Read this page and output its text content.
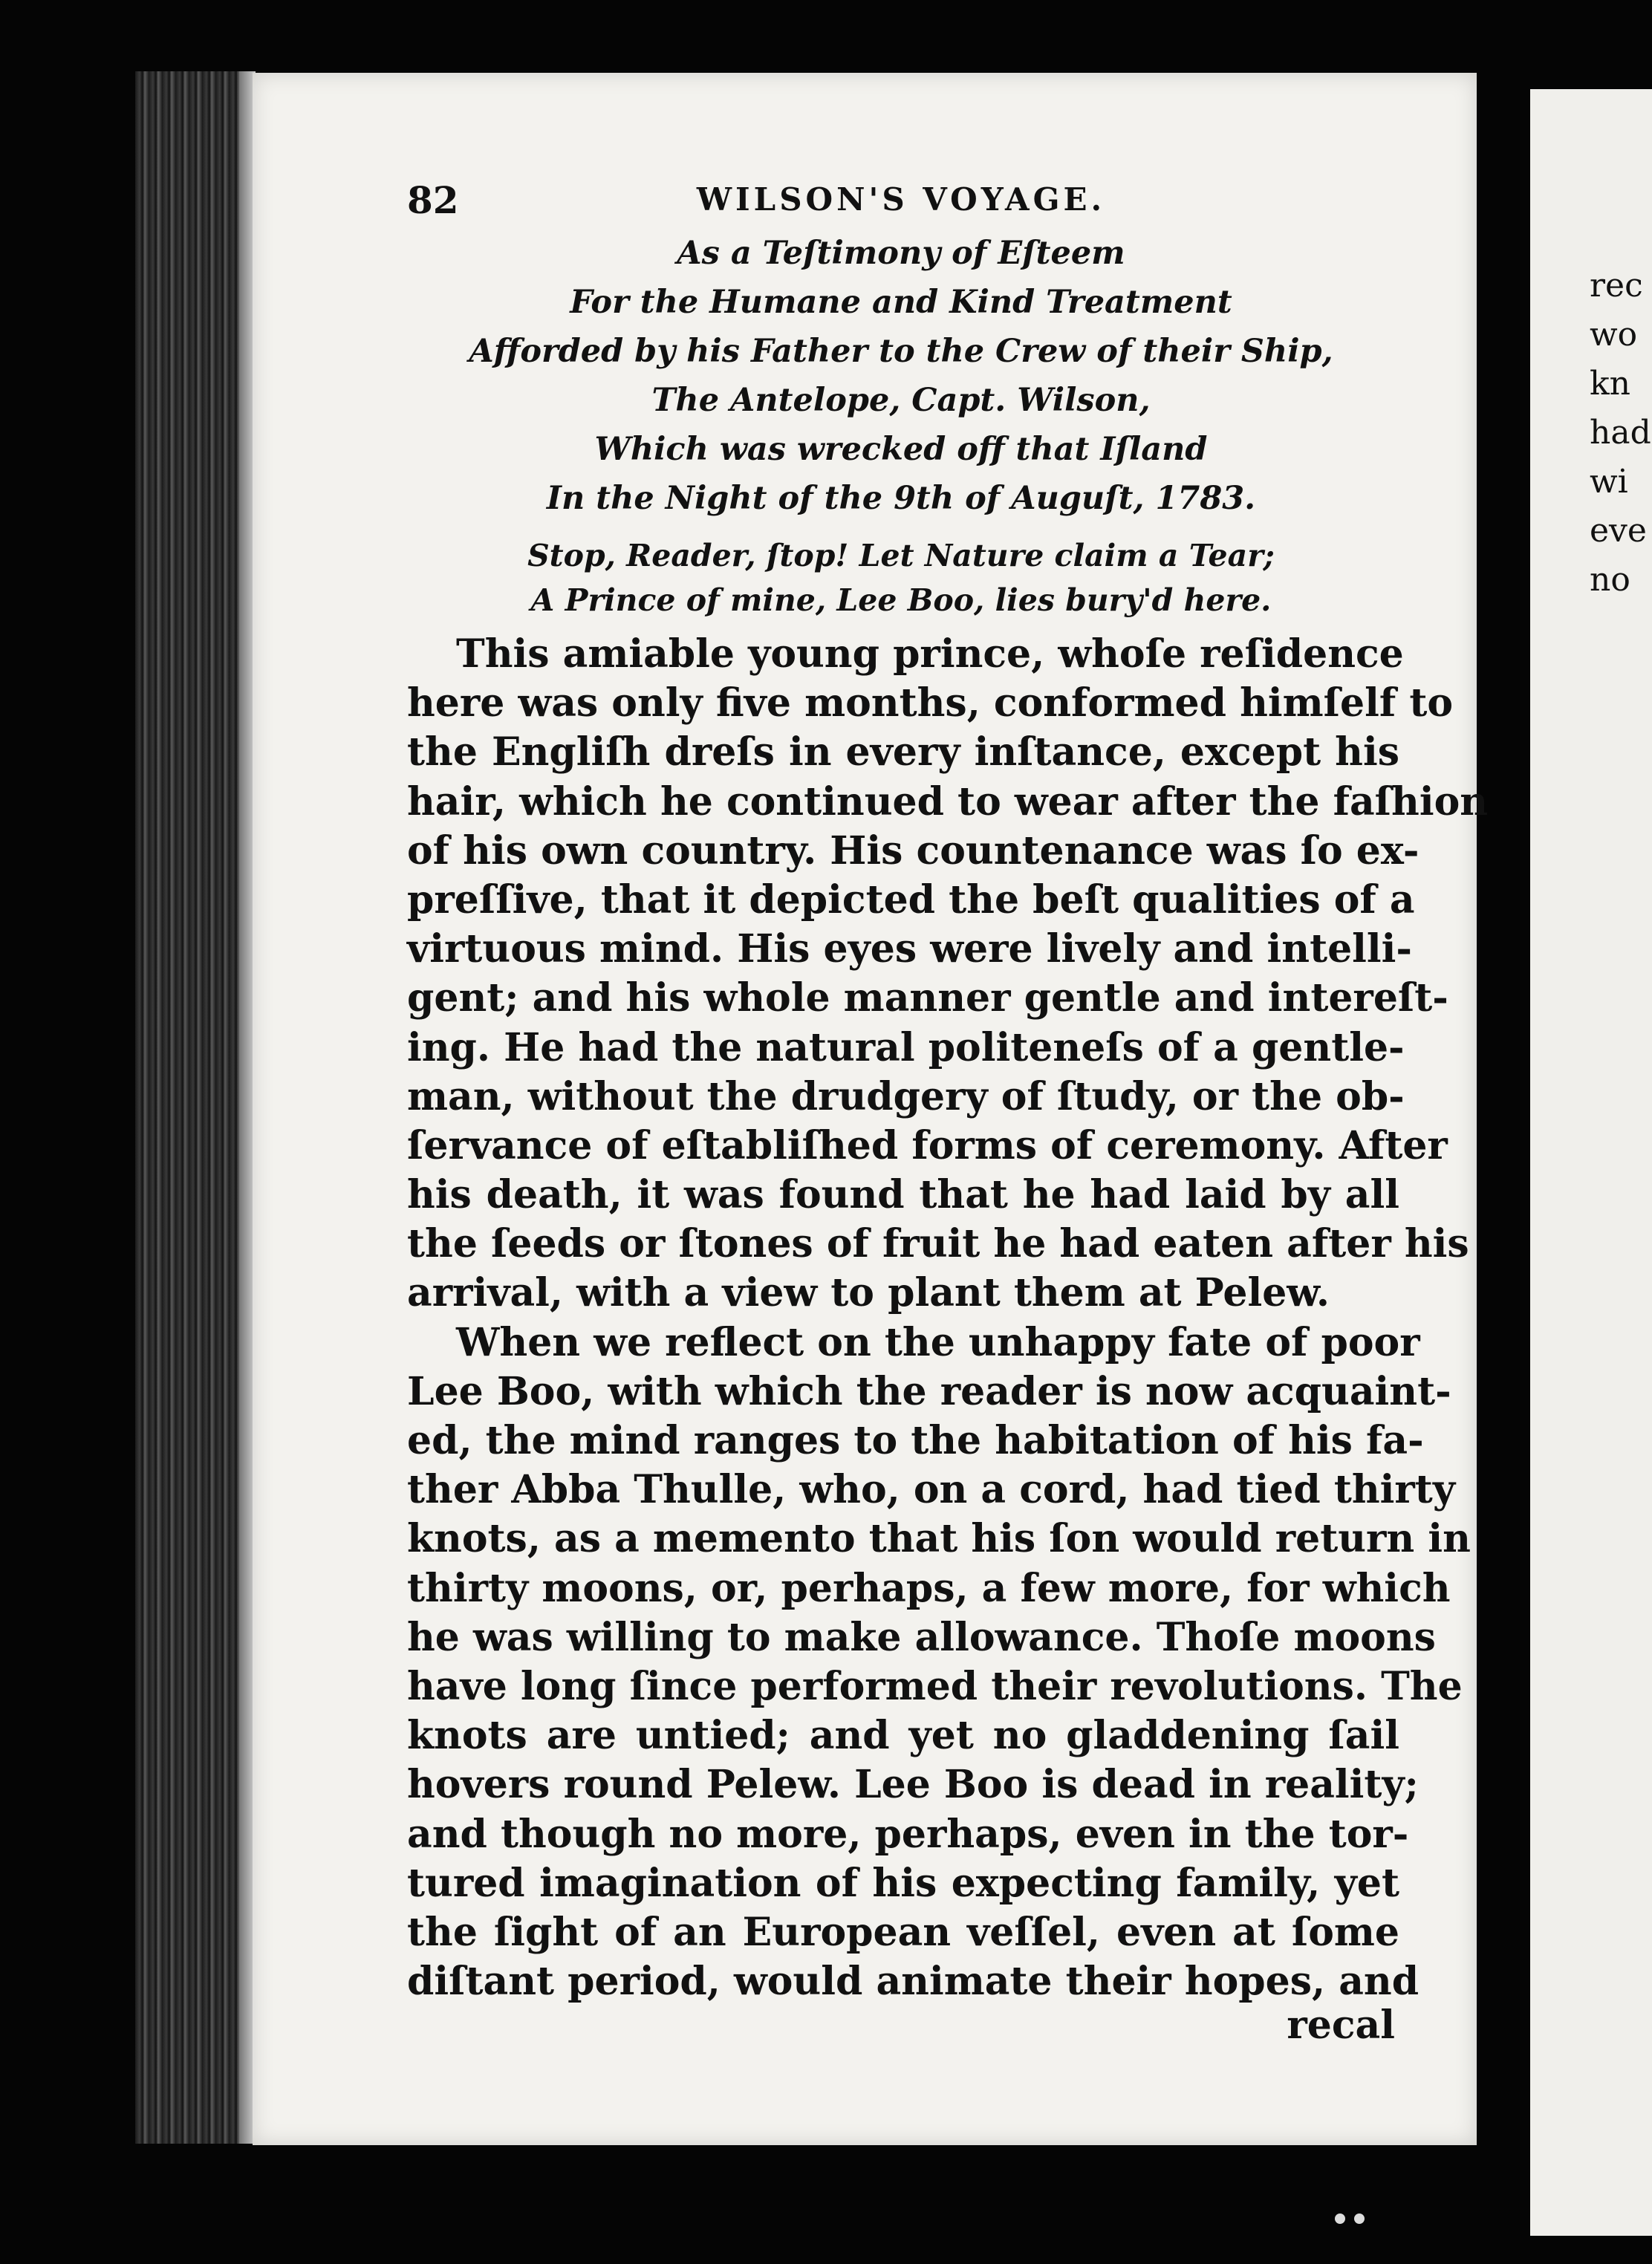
rec
wo
kn
had
wi
eve
no
82	WILSON'S VOYAGE.
As a Teſtimony of Eſteem
For the Humane and Kind Treatment
Afforded by his Father to the Crew of their Ship,
The Antelope, Capt. Wilson,
Which was wrecked off that Iſland
In the Night of the 9th of Auguſt, 1783.
Stop, Reader, ſtop! Let Nature claim a Tear;
A Prince of mine, Lee Boo, lies bury'd here.
This amiable young prince, whoſe reſidence
here was only five months, conformed himſelf to
the Engliſh dreſs in every inſtance, except his
hair, which he continued to wear after the faſhion
of his own country. His countenance was ſo ex-
preſſive, that it depicted the beſt qualities of a
virtuous mind. His eyes were lively and intelli-
gent; and his whole manner gentle and intereſt-
ing. He had the natural politeneſs of a gentle-
man, without the drudgery of ſtudy, or the ob-
ſervance of eſtabliſhed forms of ceremony. After
his death, it was found that he had laid by all
the ſeeds or ſtones of fruit he had eaten after his
arrival, with a view to plant them at Pelew.
When we reflect on the unhappy fate of poor
Lee Boo, with which the reader is now acquaint-
ed, the mind ranges to the habitation of his fa-
ther Abba Thulle, who, on a cord, had tied thirty
knots, as a memento that his ſon would return in
thirty moons, or, perhaps, a few more, for which
he was willing to make allowance. Thoſe moons
have long ſince performed their revolutions. The
knots are untied; and yet no gladdening ſail
hovers round Pelew. Lee Boo is dead in reality;
and though no more, perhaps, even in the tor-
tured imagination of his expecting family, yet
the ſight of an European veſſel, even at ſome
diſtant period, would animate their hopes, and
recal
